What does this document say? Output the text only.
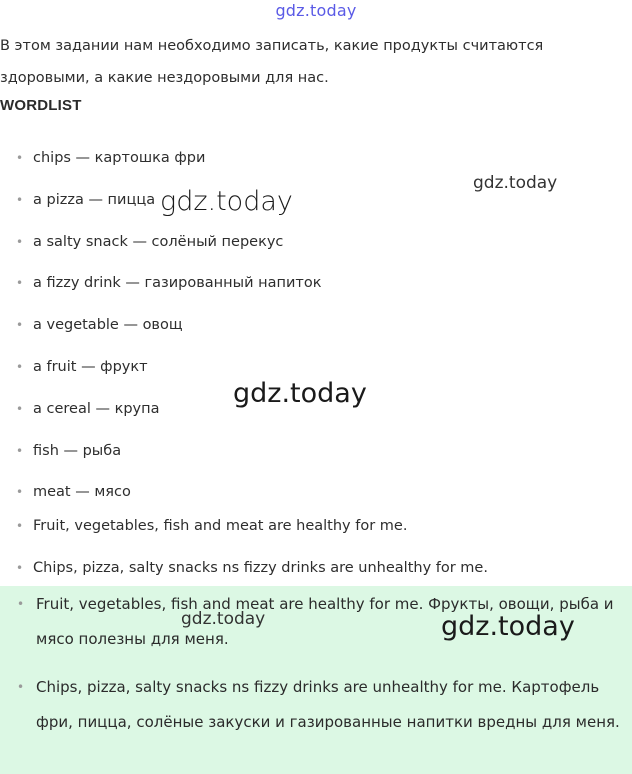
gdz.today
В этом задании нам необходимо записать, какие продукты считаются здоровыми, а какие нездоровыми для нас.
WORDLIST
• chips — картошка фри
• a pizza — пицца
• a salty snack — солёный перекус
• a fizzy drink — газированный напиток
• a vegetable — овощ
• a fruit — фрукт
• a cereal — крупа
• fish — рыба
• meat — мясо
• Fruit, vegetables, fish and meat are healthy for me.
• Chips, pizza, salty snacks ns fizzy drinks are unhealthy for me.
• Fruit, vegetables, fish and meat are healthy for me. Фрукты, овощи, рыба и мясо полезны для меня.
• Chips, pizza, salty snacks ns fizzy drinks are unhealthy for me. Картофель фри, пицца, солёные закуски и газированные напитки вредны для меня.
gdz.today
gdz.today
gdz.today
gdz.today	gdz.today
